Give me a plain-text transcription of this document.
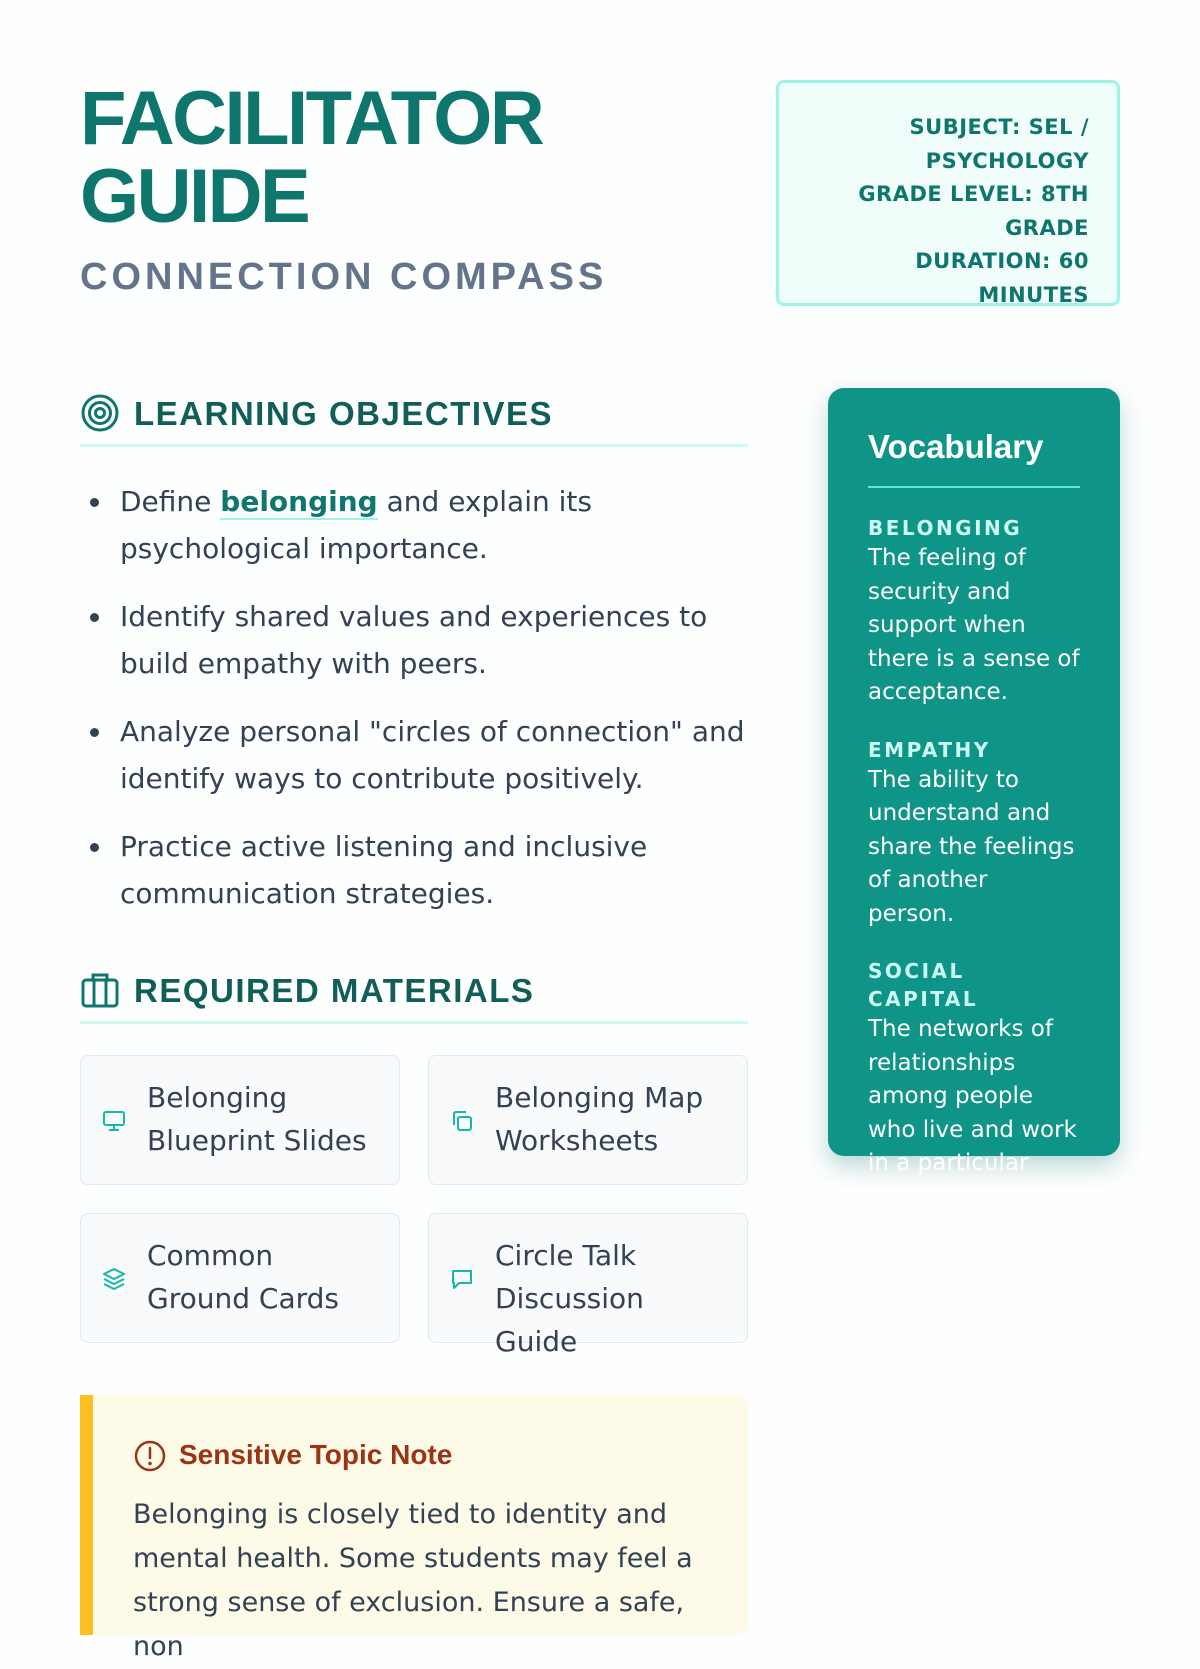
FACILITATOR GUIDE
CONNECTION COMPASS
SUBJECT: SEL /
PSYCHOLOGY
GRADE LEVEL: 8TH
GRADE
DURATION: 60 MINUTES
LEARNING OBJECTIVES
Define belonging and explain its psychological importance.
Identify shared values and experiences to build empathy with peers.
Analyze personal "circles of connection" and identify ways to contribute positively.
Practice active listening and inclusive communication strategies.
REQUIRED MATERIALS
Belonging Blueprint Slides
Belonging Map Worksheets
Common Ground Cards
Circle Talk Discussion Guide
Sensitive Topic Note

Belonging is closely tied to identity and mental health. Some students may feel a strong sense of exclusion. Ensure a safe, non

Vocabulary
BELONGING
The feeling of security and support when there is a sense of acceptance.
EMPATHY
The ability to understand and share the feelings of another person.
SOCIAL CAPITAL
The networks of relationships among people who live and work in a particular society.
